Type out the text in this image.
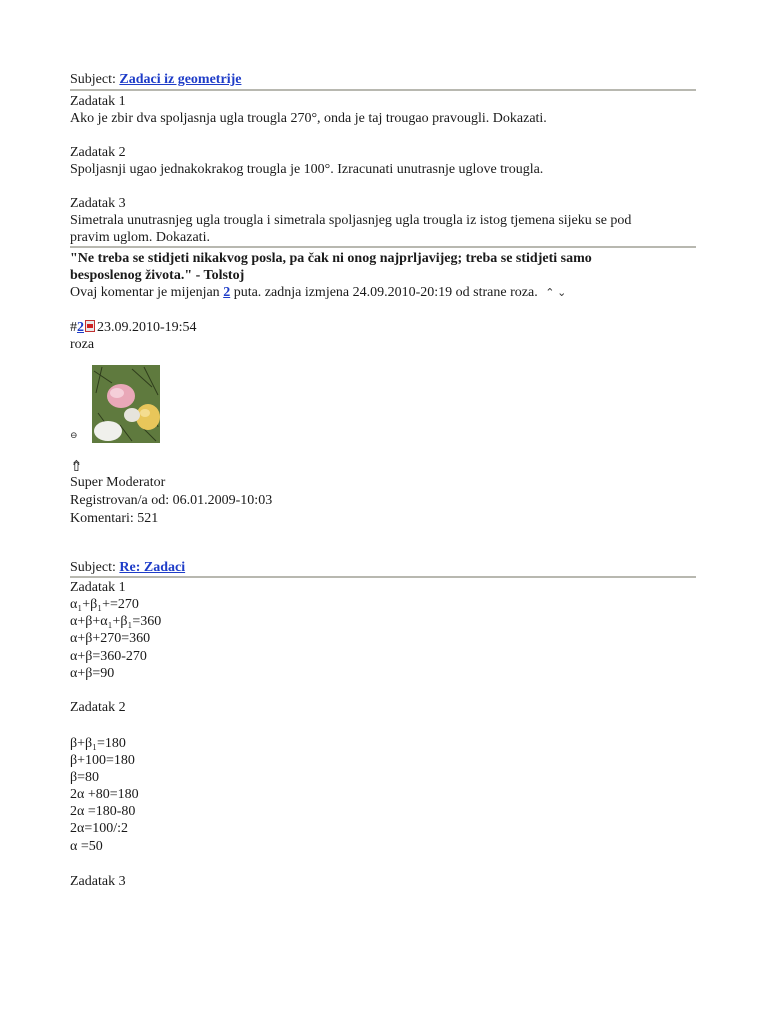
Subject: Zadaci iz geometrije
Zadatak 1
Ako je zbir dva spoljasnja ugla trougla 270°, onda je taj trougao pravougli. Dokazati.
Zadatak 2
Spoljasnji ugao jednakokrakog trougla je 100°. Izracunati unutrasnje uglove trougla.
Zadatak 3
Simetrala unutrasnjeg ugla trougla i simetrala spoljasnjeg ugla trougla iz istog tjemena sijeku se pod
pravim uglom. Dokazati.
"Ne treba se stidjeti nikakvog posla, pa čak ni onog najprljavijeg; treba se stidjeti samo
besposlenog života." - Tolstoj
Ovaj komentar je mijenjan 2 puta. zadnja izmjena 24.09.2010-20:19 od strane roza. ⌃ ⌄
#2 23.09.2010-19:54
roza
⊖
⇮
Super Moderator
Registrovan/a od: 06.01.2009-10:03
Komentari: 521
Subject: Re: Zadaci
Zadatak 1
α₁+β₁+=270
α+β+α₁+β₁=360
α+β+270=360
α+β=360-270
α+β=90
Zadatak 2
β+β₁=180
β+100=180
β=80
2α +80=180
2α =180-80
2α=100/:2
α =50
Zadatak 3
